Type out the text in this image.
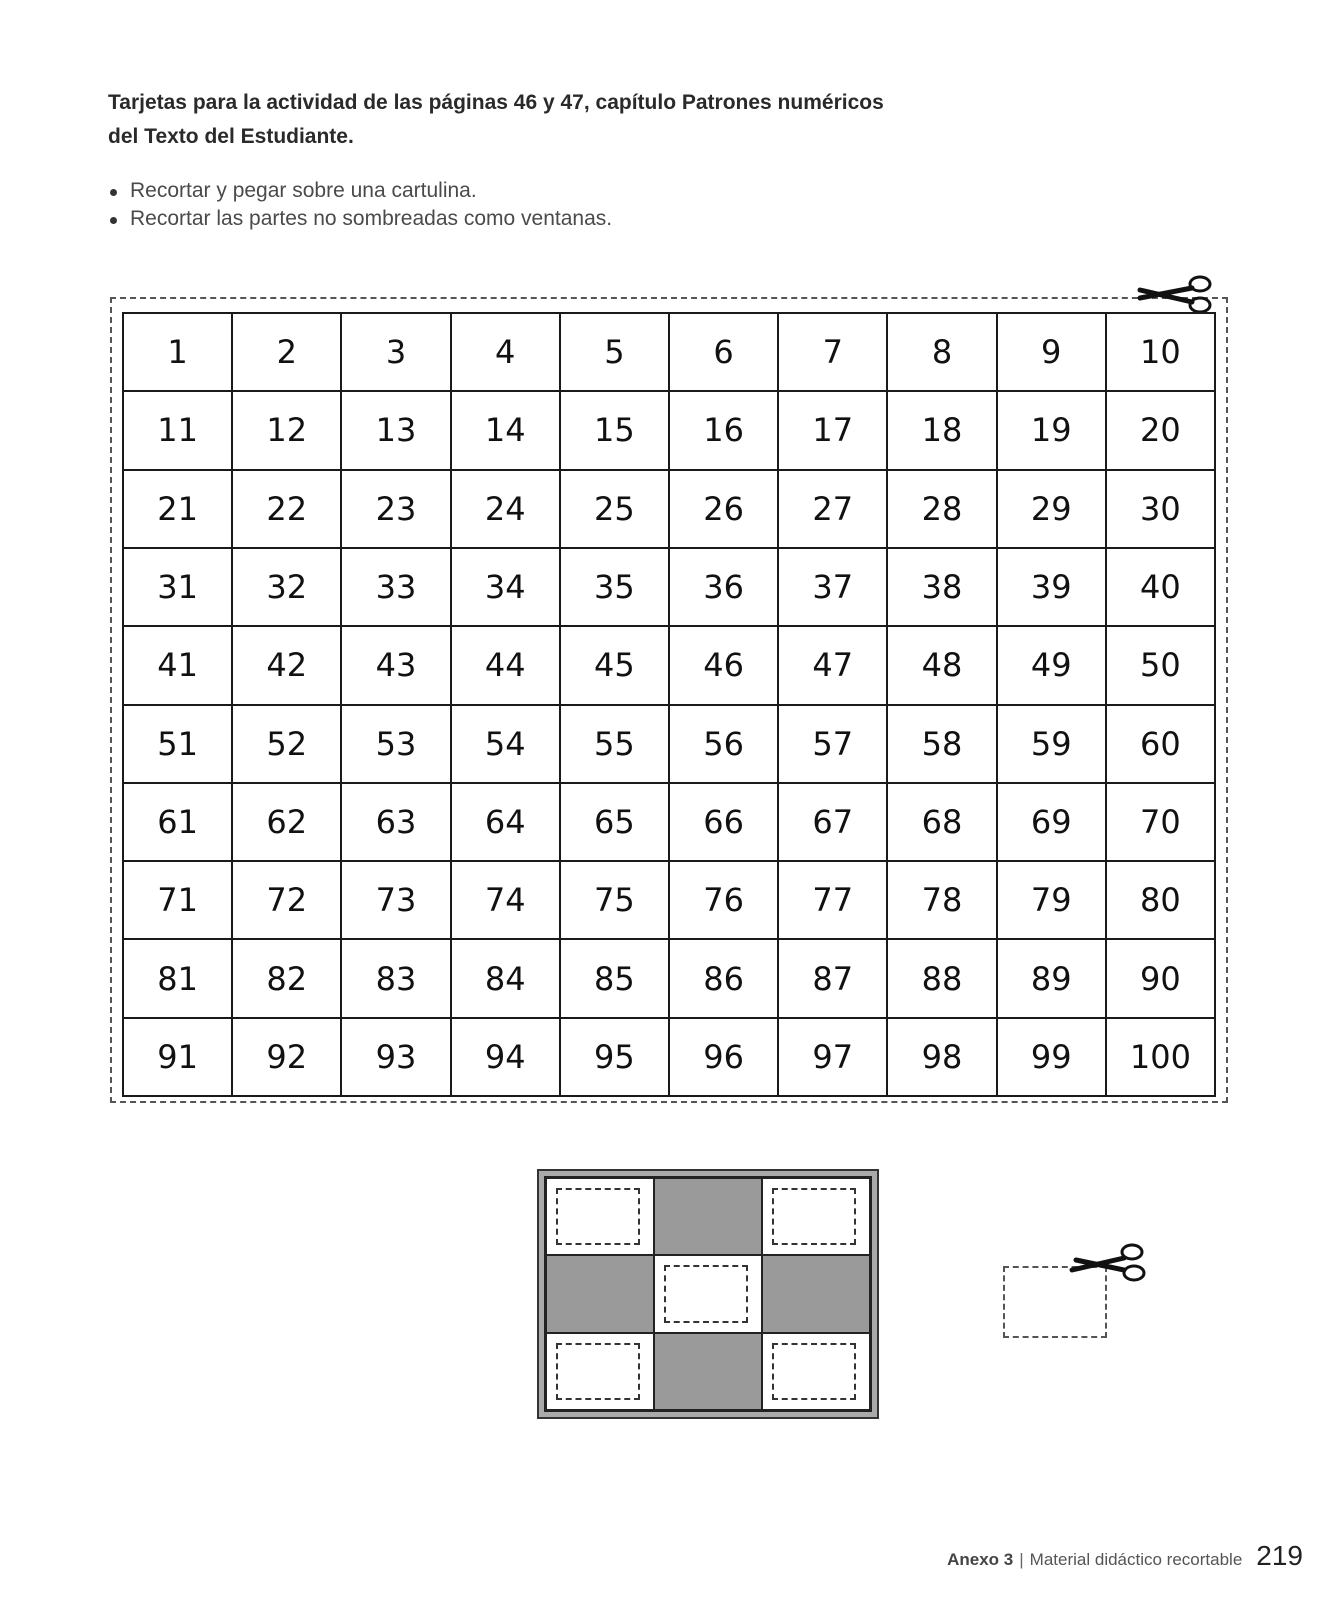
Tarjetas para la actividad de las páginas 46 y 47, capítulo Patrones numéricos
del Texto del Estudiante.
Recortar y pegar sobre una cartulina.
Recortar las partes no sombreadas como ventanas.
1	2	3	4	5	6	7	8	9	10
11	12	13	14	15	16	17	18	19	20
21	22	23	24	25	26	27	28	29	30
31	32	33	34	35	36	37	38	39	40
41	42	43	44	45	46	47	48	49	50
51	52	53	54	55	56	57	58	59	60
61	62	63	64	65	66	67	68	69	70
71	72	73	74	75	76	77	78	79	80
81	82	83	84	85	86	87	88	89	90
91	92	93	94	95	96	97	98	99	100
Anexo 3 | Material didáctico recortable 219
